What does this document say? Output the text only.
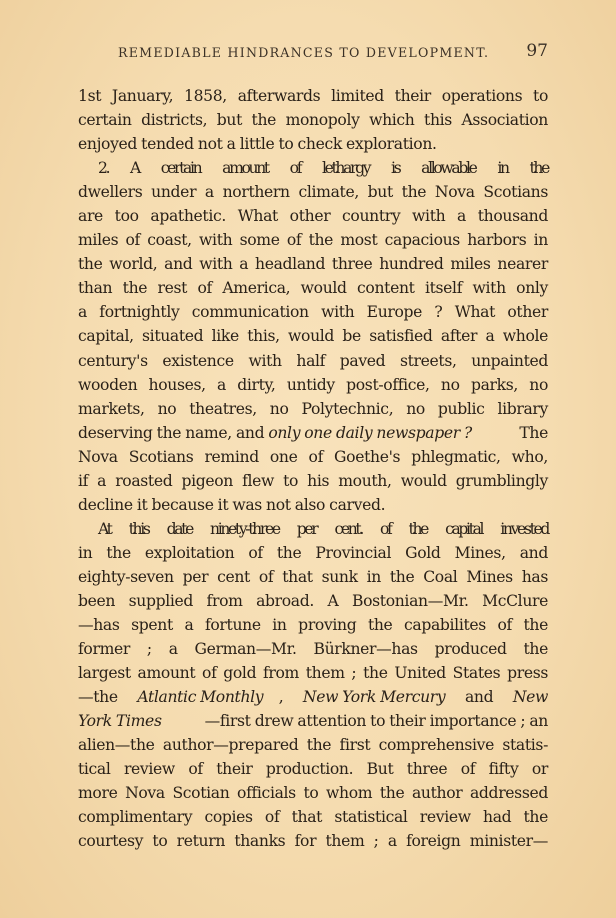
REMEDIABLE HINDRANCES TO DEVELOPMENT. 97
1st January, 1858, afterwards limited their operations to
certain districts, but the monopoly which this Association
enjoyed tended not a little to check exploration.
2. A certain amount of lethargy is allowable in the
dwellers under a northern climate, but the Nova Scotians
are too apathetic. What other country with a thousand
miles of coast, with some of the most capacious harbors in
the world, and with a headland three hundred miles nearer
than the rest of America, would content itself with only
a fortnightly communication with Europe ? What other
capital, situated like this, would be satisfied after a whole
century's existence with half paved streets, unpainted
wooden houses, a dirty, untidy post-office, no parks, no
markets, no theatres, no Polytechnic, no public library
deserving the name, and only one daily newspaper ?	The
Nova Scotians remind one of Goethe's phlegmatic, who,
if a roasted pigeon flew to his mouth, would grumblingly
decline it because it was not also carved.
At this date ninety-three per cent. of the capital invested
in the exploitation of the Provincial Gold Mines, and
eighty-seven per cent of that sunk in the Coal Mines has
been supplied from abroad. A Bostonian—Mr. McClure
—has spent a fortune in proving the capabilites of the
former ; a German—Mr. Bürkner—has produced the
largest amount of gold from them ; the United States press
—the Atlantic Monthly , New York Mercury and New
York Times	—first drew attention to their importance ; an
alien—the author—prepared the first comprehensive statis-
tical review of their production. But three of fifty or
more Nova Scotian officials to whom the author addressed
complimentary copies of that statistical review had the
courtesy to return thanks for them ; a foreign minister—
